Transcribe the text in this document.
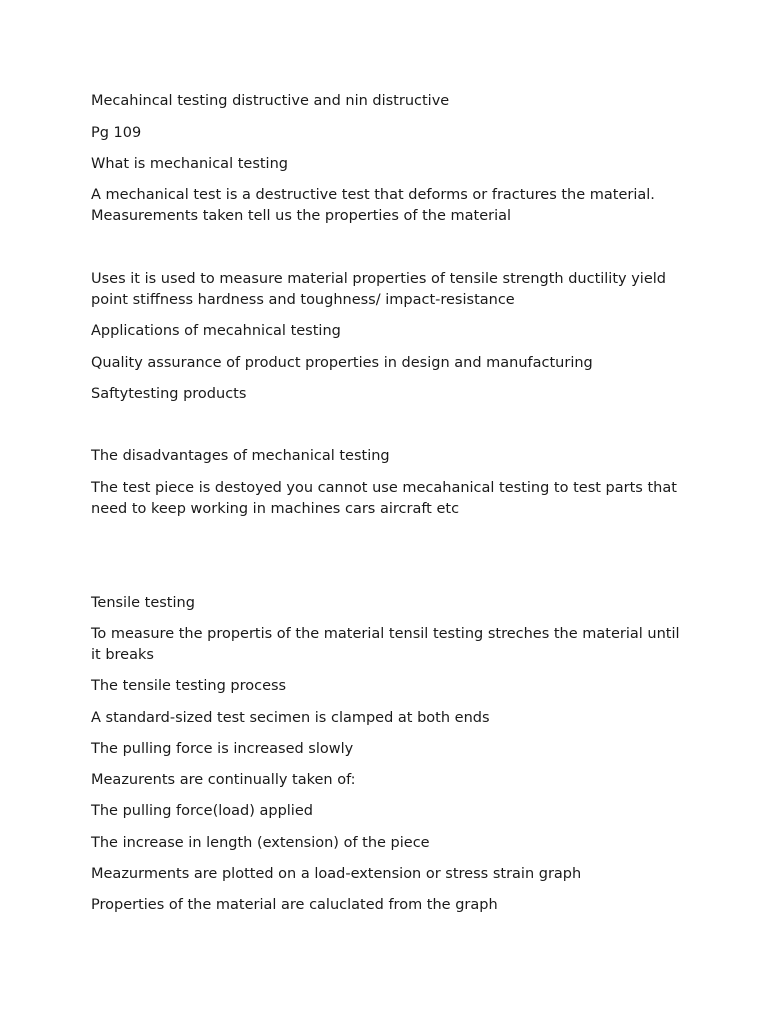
Mecahincal testing distructive and nin distructive

Pg 109

What is mechanical testing

A mechanical test is a destructive test that deforms or fractures the material. Measurements taken tell us the properties of the material

Uses it is used to measure material properties of tensile strength ductility yield point stiffness hardness and toughness/ impact-resistance

Applications of mecahnical testing

Quality assurance of product properties in design and manufacturing

Saftytesting products

The disadvantages of mechanical testing

The test piece is destoyed you cannot use mecahanical testing to test parts that need to keep working in machines cars aircraft etc

Tensile testing

To measure the propertis of the material tensil testing streches the material until it breaks

The tensile testing process

A standard-sized test secimen is clamped at both ends

The pulling force is increased slowly

Meazurents are continually taken of:

The pulling force(load) applied

The increase in length (extension) of the piece

Meazurments are plotted on a load-extension or stress strain graph

Properties of the material are caluclated from the graph
